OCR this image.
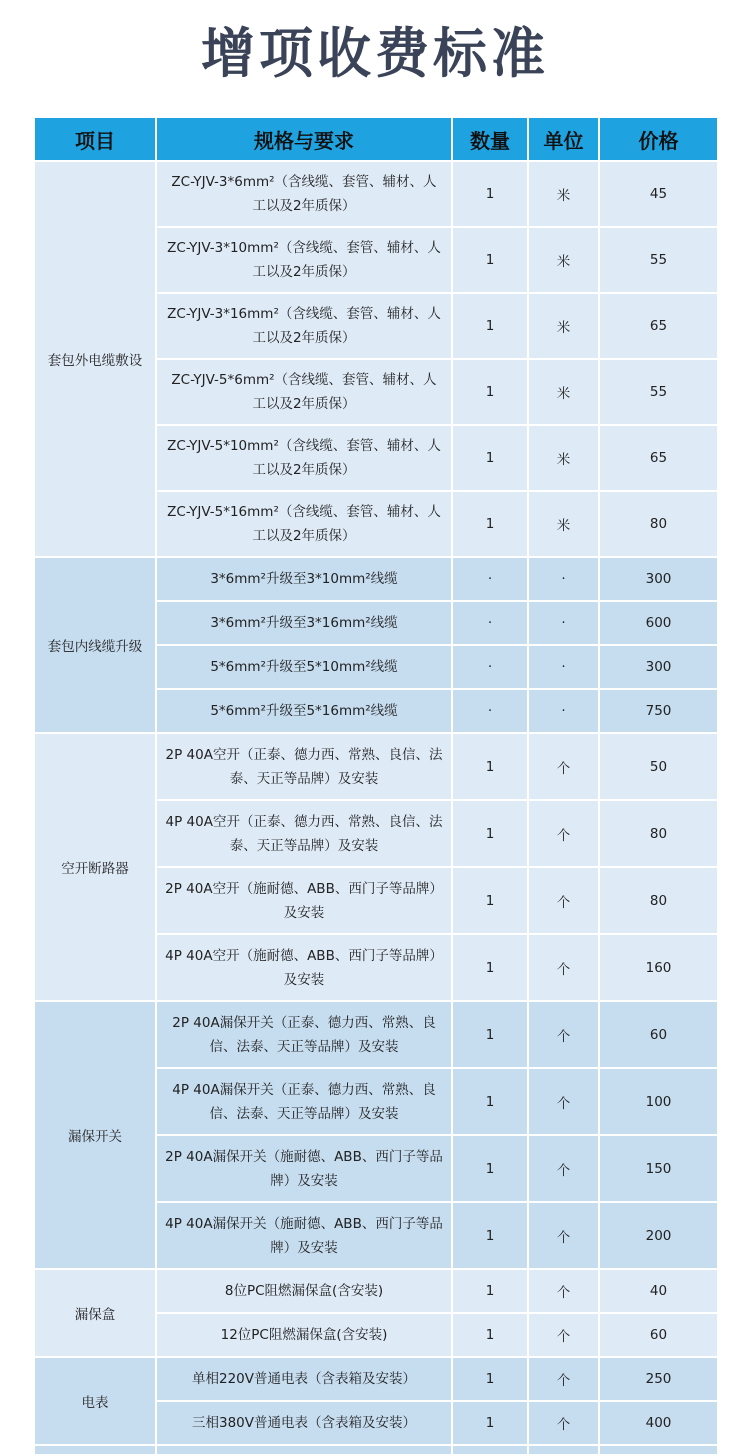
增项收费标准
项目	规格与要求	数量	单位	价格
套包外电缆敷设	ZC-YJV-3*6mm²（含线缆、套管、辅材、人工以及2年质保）	1	米	45
	ZC-YJV-3*10mm²（含线缆、套管、辅材、人工以及2年质保）	1	米	55
	ZC-YJV-3*16mm²（含线缆、套管、辅材、人工以及2年质保）	1	米	65
	ZC-YJV-5*6mm²（含线缆、套管、辅材、人工以及2年质保）	1	米	55
	ZC-YJV-5*10mm²（含线缆、套管、辅材、人工以及2年质保）	1	米	65
	ZC-YJV-5*16mm²（含线缆、套管、辅材、人工以及2年质保）	1	米	80
套包内线缆升级	3*6mm²升级至3*10mm²线缆	·	·	300
	3*6mm²升级至3*16mm²线缆	·	·	600
	5*6mm²升级至5*10mm²线缆	·	·	300
	5*6mm²升级至5*16mm²线缆	·	·	750
空开断路器	2P 40A空开（正泰、德力西、常熟、良信、法泰、天正等品牌）及安装	1	个	50
	4P 40A空开（正泰、德力西、常熟、良信、法泰、天正等品牌）及安装	1	个	80
	2P 40A空开（施耐德、ABB、西门子等品牌）及安装	1	个	80
	4P 40A空开（施耐德、ABB、西门子等品牌）及安装	1	个	160
漏保开关	2P 40A漏保开关（正泰、德力西、常熟、良信、法泰、天正等品牌）及安装	1	个	60
	4P 40A漏保开关（正泰、德力西、常熟、良信、法泰、天正等品牌）及安装	1	个	100
	2P 40A漏保开关（施耐德、ABB、西门子等品牌）及安装	1	个	150
	4P 40A漏保开关（施耐德、ABB、西门子等品牌）及安装	1	个	200
漏保盒	8位PC阻燃漏保盒(含安装)	1	个	40
	12位PC阻燃漏保盒(含安装)	1	个	60
电表	单相220V普通电表（含表箱及安装）	1	个	250
	三相380V普通电表（含表箱及安装）	1	个	400
